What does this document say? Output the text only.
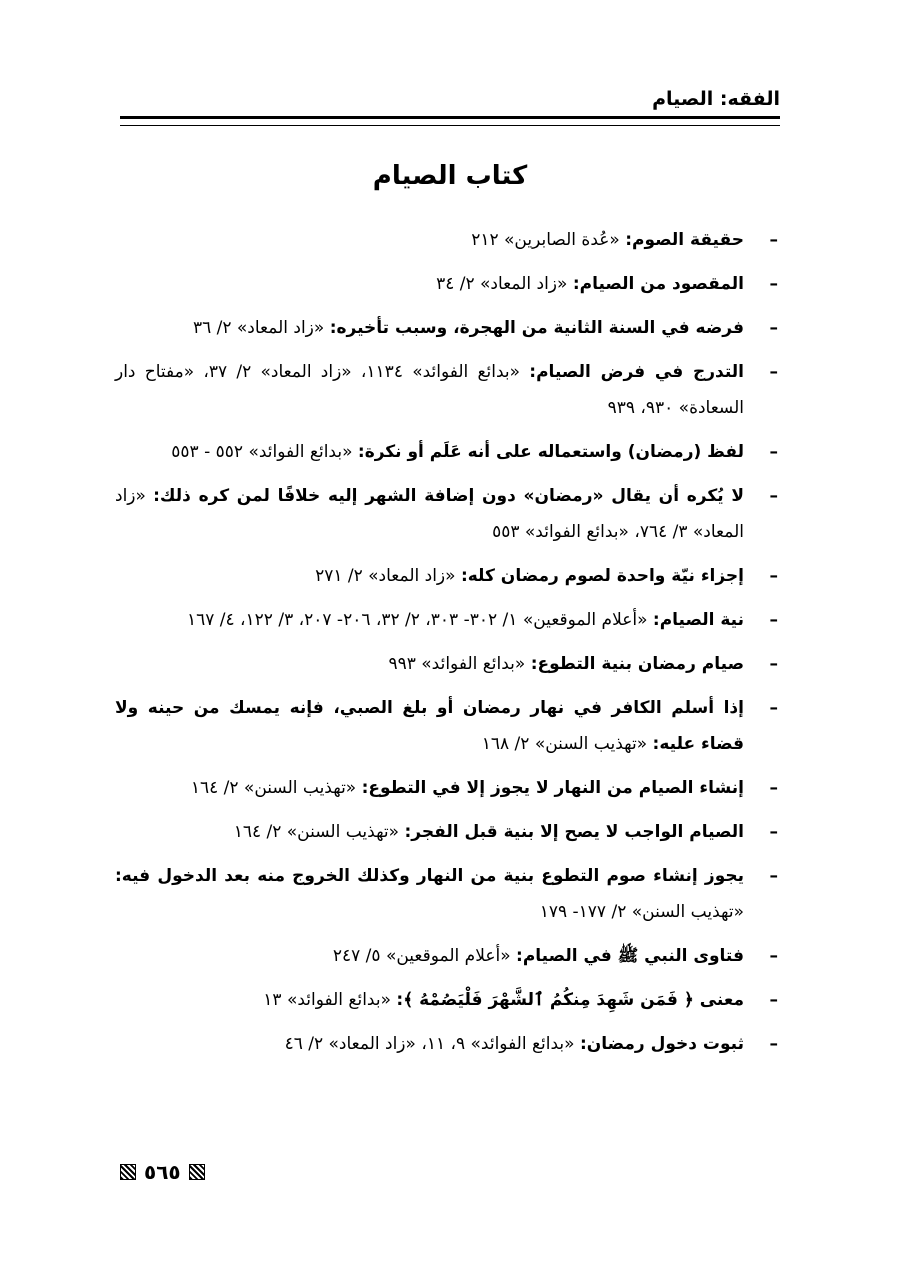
الفقه: الصيام
كتاب الصيام
–
حقيقة الصوم: «عُدة الصابرين» ٢١٢
–
المقصود من الصيام: «زاد المعاد» ٢/ ٣٤
–
فرضه في السنة الثانية من الهجرة، وسبب تأخيره: «زاد المعاد» ٢/ ٣٦
–
التدرج في فرض الصيام: «بدائع الفوائد» ١١٣٤، «زاد المعاد» ٢/ ٣٧، «مفتاح دار السعادة» ٩٣٠، ٩٣٩
–
لفظ (رمضان) واستعماله على أنه عَلَم أو نكرة: «بدائع الفوائد» ٥٥٢ - ٥٥٣
–
لا يُكره أن يقال «رمضان» دون إضافة الشهر إليه خلافًا لمن كره ذلك: «زاد المعاد» ٣/ ٧٦٤، «بدائع الفوائد» ٥٥٣
–
إجزاء نيّة واحدة لصوم رمضان كله: «زاد المعاد» ٢/ ٢٧١
–
نية الصيام: «أعلام الموقعين» ١/ ٣٠٢- ٣٠٣، ٢/ ٣٢، ٢٠٦- ٢٠٧، ٣/ ١٢٢، ٤/ ١٦٧
–
صيام رمضان بنية التطوع: «بدائع الفوائد» ٩٩٣
–
إذا أسلم الكافر في نهار رمضان أو بلغ الصبي، فإنه يمسك من حينه ولا قضاء عليه: «تهذيب السنن» ٢/ ١٦٨
–
إنشاء الصيام من النهار لا يجوز إلا في التطوع: «تهذيب السنن» ٢/ ١٦٤
–
الصيام الواجب لا يصح إلا بنية قبل الفجر: «تهذيب السنن» ٢/ ١٦٤
–
يجوز إنشاء صوم التطوع بنية من النهار وكذلك الخروج منه بعد الدخول فيه: «تهذيب السنن» ٢/ ١٧٧- ١٧٩
–
فتاوى النبي ﷺ في الصيام: «أعلام الموقعين» ٥/ ٢٤٧
–
معنى ﴿ فَمَن شَهِدَ مِنكُمُ ٱلشَّهْرَ فَلْيَصُمْهُ ﴾: «بدائع الفوائد» ١٣
–
ثبوت دخول رمضان: «بدائع الفوائد» ٩، ١١، «زاد المعاد» ٢/ ٤٦
٥٦٥
